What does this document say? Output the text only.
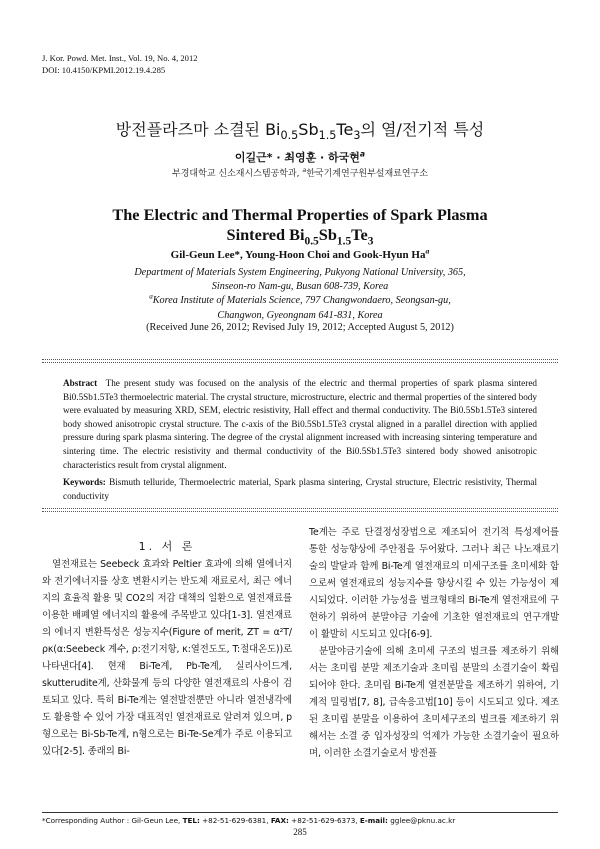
J. Kor. Powd. Met. Inst., Vol. 19, No. 4, 2012
DOI: 10.4150/KPMI.2012.19.4.285
방전플라즈마 소결된 $Bi_{0.5}Sb_{1.5}Te_3$의 열/전기적 특성
이길근* · 최영훈 · 하국현$^a$
부경대학교 신소재시스템공학과, $^a$한국기계연구원부설재료연구소
The Electric and Thermal Properties of Spark Plasma
Sintered $Bi_{0.5}Sb_{1.5}Te_3$
Gil-Geun Lee*, Young-Hoon Choi and Gook-Hyun Ha$^a$
Department of Materials System Engineering, Pukyong National University, 365,
Sinseon-ro Nam-gu, Busan 608-739, Korea
$^a$Korea Institute of Materials Science, 797 Changwondaero, Seongsan-gu,
Changwon, Gyeongnam 641-831, Korea
(Received June 26, 2012; Revised July 19, 2012; Accepted August 5, 2012)
Abstract The present study was focused on the analysis of the electric and thermal properties of spark plasma sintered Bi0.5Sb1.5Te3 thermoelectric material. The crystal structure, microstructure, electric and thermal properties of the sintered body were evaluated by measuring XRD, SEM, electric resistivity, Hall effect and thermal conductivity. The Bi0.5Sb1.5Te3 sintered body showed anisotropic crystal structure. The c-axis of the Bi0.5Sb1.5Te3 crystal aligned in a parallel direction with applied pressure during spark plasma sintering. The degree of the crystal alignment increased with increasing sintering temperature and sintering time. The electric resistivity and thermal conductivity of the Bi0.5Sb1.5Te3 sintered body showed anisotropic characteristics result from crystal alignment.
Keywords: Bismuth telluride, Thermoelectric material, Spark plasma sintering, Crystal structure, Electric resistivity, Thermal conductivity
1. 서 론

열전재료는 Seebeck 효과와 Peltier 효과에 의해 열에너지와 전기에너지를 상호 변환시키는 반도체 재료로서, 최근 에너지의 효율적 활용 및 CO2의 저감 대책의 일환으로 열전재료를 이용한 배폐열 에너지의 활용에 주목받고 있다[1-3]. 열전재료의 에너지 변환특성은 성능지수(Figure of merit, ZT = α²T/ρκ(α:Seebeck 계수, ρ:전기저항, κ:열전도도, T:절대온도))로 나타낸다[4]. 현재 Bi-Te계, Pb-Te계, 실리사이드계, skutterudite계, 산화물계 등의 다양한 열전재료의 사용이 검토되고 있다. 특히 Bi-Te계는 열전발전뿐만 아니라 열전냉각에도 활용할 수 있어 가장 대표적인 열전재료로 알려져 있으며, p형으로는 Bi-Sb-Te계, n형으로는 Bi-Te-Se계가 주로 이용되고 있다[2-5]. 종래의 Bi-

Te계는 주로 단결정성장법으로 제조되어 전기적 특성제어를 통한 성능향상에 주안점을 두어왔다. 그러나 최근 나노재료기술의 발달과 함께 Bi-Te계 열전재료의 미세구조를 초미세화 함으로써 열전재료의 성능지수를 향상시킬 수 있는 가능성이 제시되었다. 이러한 가능성을 벌크형태의 Bi-Te계 열전재료에 구현하기 위하여 분말야금 기술에 기초한 열전재료의 연구개발이 활발히 시도되고 있다[6-9].

분말야금기술에 의해 초미세 구조의 벌크를 제조하기 위해서는 초미립 분말 제조기술과 초미립 분말의 소결기술이 확립되어야 한다. 초미립 Bi-Te계 열전분말을 제조하기 위하여, 기계적 밀링법[7, 8], 급속응고법[10] 등이 시도되고 있다. 제조된 초미립 분말을 이용하여 초미세구조의 벌크를 제조하기 위해서는 소결 중 입자성장의 억제가 가능한 소결기술이 필요하며, 이러한 소결기술로서 방전플

*Corresponding Author : Gil-Geun Lee, TEL: +82-51-629-6381, FAX: +82-51-629-6373, E-mail: gglee@pknu.ac.kr
285
